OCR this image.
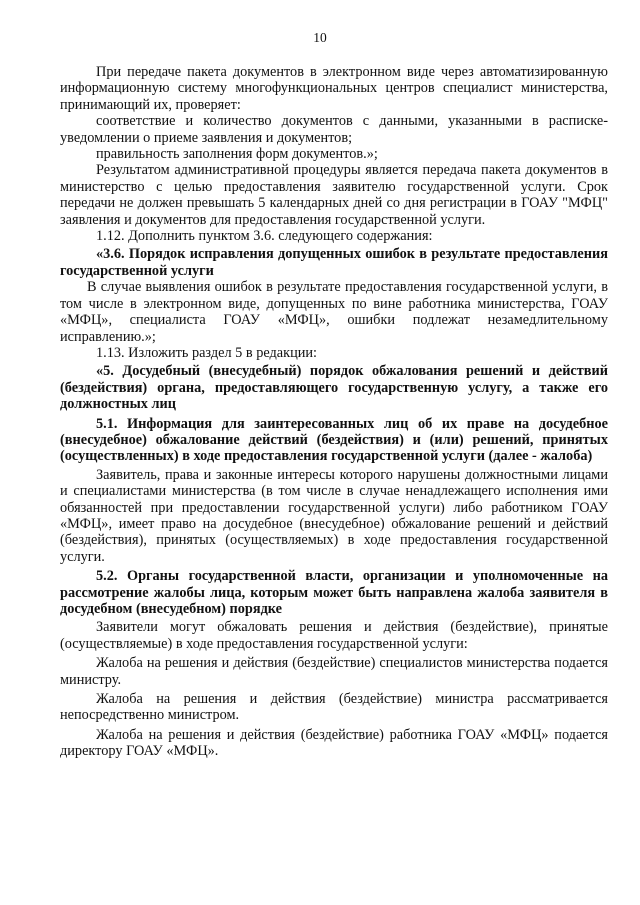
10

При передаче пакета документов в электронном виде через автоматизированную информационную систему многофункциональных центров специалист министерства, принимающий их, проверяет:

соответствие и количество документов с данными, указанными в расписке-уведомлении о приеме заявления и документов;

правильность заполнения форм документов.»;

Результатом административной процедуры является передача пакета документов в министерство с целью предоставления заявителю государственной услуги. Срок передачи не должен превышать 5 календарных дней со дня регистрации в ГОАУ "МФЦ" заявления и документов для предоставления государственной услуги.

1.12. Дополнить пунктом 3.6. следующего содержания:

«3.6. Порядок исправления допущенных ошибок в результате предоставления государственной услуги

В случае выявления ошибок в результате предоставления государственной услуги, в том числе в электронном виде, допущенных по вине работника министерства, ГОАУ «МФЦ», специалиста ГОАУ «МФЦ», ошибки подлежат незамедлительному исправлению.»;

1.13. Изложить раздел 5 в редакции:

«5. Досудебный (внесудебный) порядок обжалования решений и действий (бездействия) органа, предоставляющего государственную услугу, а также его должностных лиц

5.1. Информация для заинтересованных лиц об их праве на досудебное (внесудебное) обжалование действий (бездействия) и (или) решений, принятых (осуществленных) в ходе предоставления государственной услуги (далее - жалоба)

Заявитель, права и законные интересы которого нарушены должностными лицами и специалистами министерства (в том числе в случае ненадлежащего исполнения ими обязанностей при предоставлении государственной услуги) либо работником ГОАУ «МФЦ», имеет право на досудебное (внесудебное) обжалование решений и действий (бездействия), принятых (осуществляемых) в ходе предоставления государственной услуги.

5.2. Органы государственной власти, организации и уполномоченные на рассмотрение жалобы лица, которым может быть направлена жалоба заявителя в досудебном (внесудебном) порядке

Заявители могут обжаловать решения и действия (бездействие), принятые (осуществляемые) в ходе предоставления государственной услуги:

Жалоба на решения и действия (бездействие) специалистов министерства подается министру.

Жалоба на решения и действия (бездействие) министра рассматривается непосредственно министром.

Жалоба на решения и действия (бездействие) работника ГОАУ «МФЦ» подается директору ГОАУ «МФЦ».
